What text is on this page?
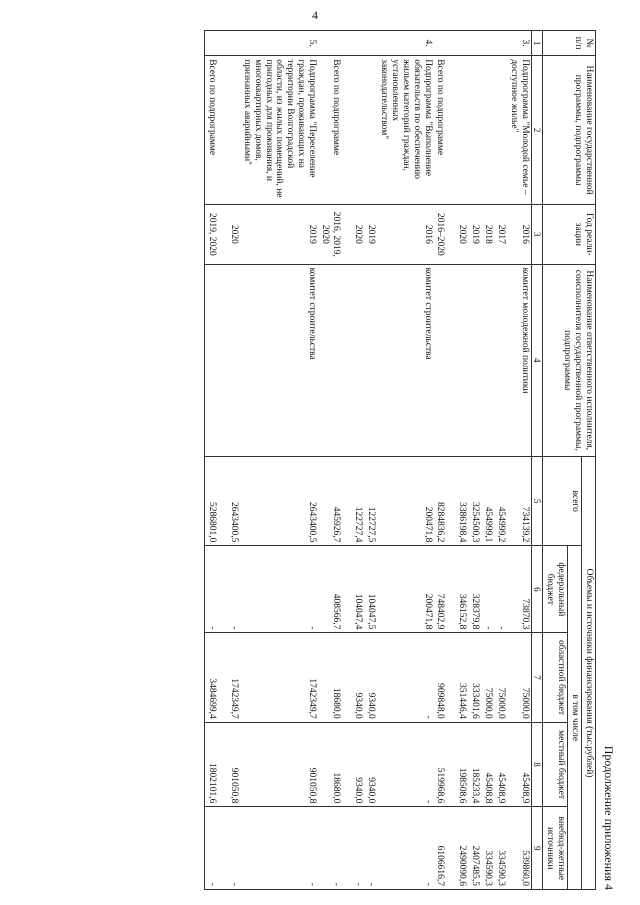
4
Продолжение приложения 4
№ п/п	Наименование государственной программы, подпрограммы	Год реали-зации	Наименование ответственного исполнителя, соисполнителя государственной программы, подпрограммы	Объемы и источники финансирования (тыс.рублей)				
				всего	в том числе			
					федеральный бюджет	областной бюджет	местный бюджет	внебюд-жетные источники
1	2	3	4	5	6	7	8	9
3.	Подпрограмма "Молодой семье – доступное жилье"	2016	комитет молодежной политики	734139,2	73870,3	75000,0	45408,9	539860,0
		2017		454999,2	-	75000,0	45408,9	334590,3
		2018		454999,1	-	75000,0	45408,8	334590,3
		2019		3254500,3	328379,8	333401,6	185233,4	2407485,5
		2020		3386198,4	346152,8	351446,4	198508,6	2490090,6
	Всего по подпрограмме	2016–2020		8284836,2	748402,9	909848,0	519968,6	6106616,7
4.	Подпрограмма "Выполнение обязательств по обеспечению жильем категорий граждан, установленных законодательством"	2016	комитет строительства	200471,8	200471,8	-	-	-
		2019		122727,5	104047,5	9340,0	9340,0	-
		2020		122727,4	104047,4	9340,0	9340,0	-
	Всего по подпрограмме	2016, 2019, 2020		445926,7	408566,7	18680,0	18680,0	-
5.	Подпрограмма "Переселение граждан, проживающих на территории Волгоградской области, из жилых помещений, не пригодных для проживания, и многоквартирных домов, признанных аварийными"	2019	комитет строительства	2643400,5	-	1742349,7	901050,8	-
		2020		2643400,5	-	1742349,7	901050,8	-
	Всего по подпрограмме	2019, 2020		5286801,0	-	3484699,4	1802101,6	-
